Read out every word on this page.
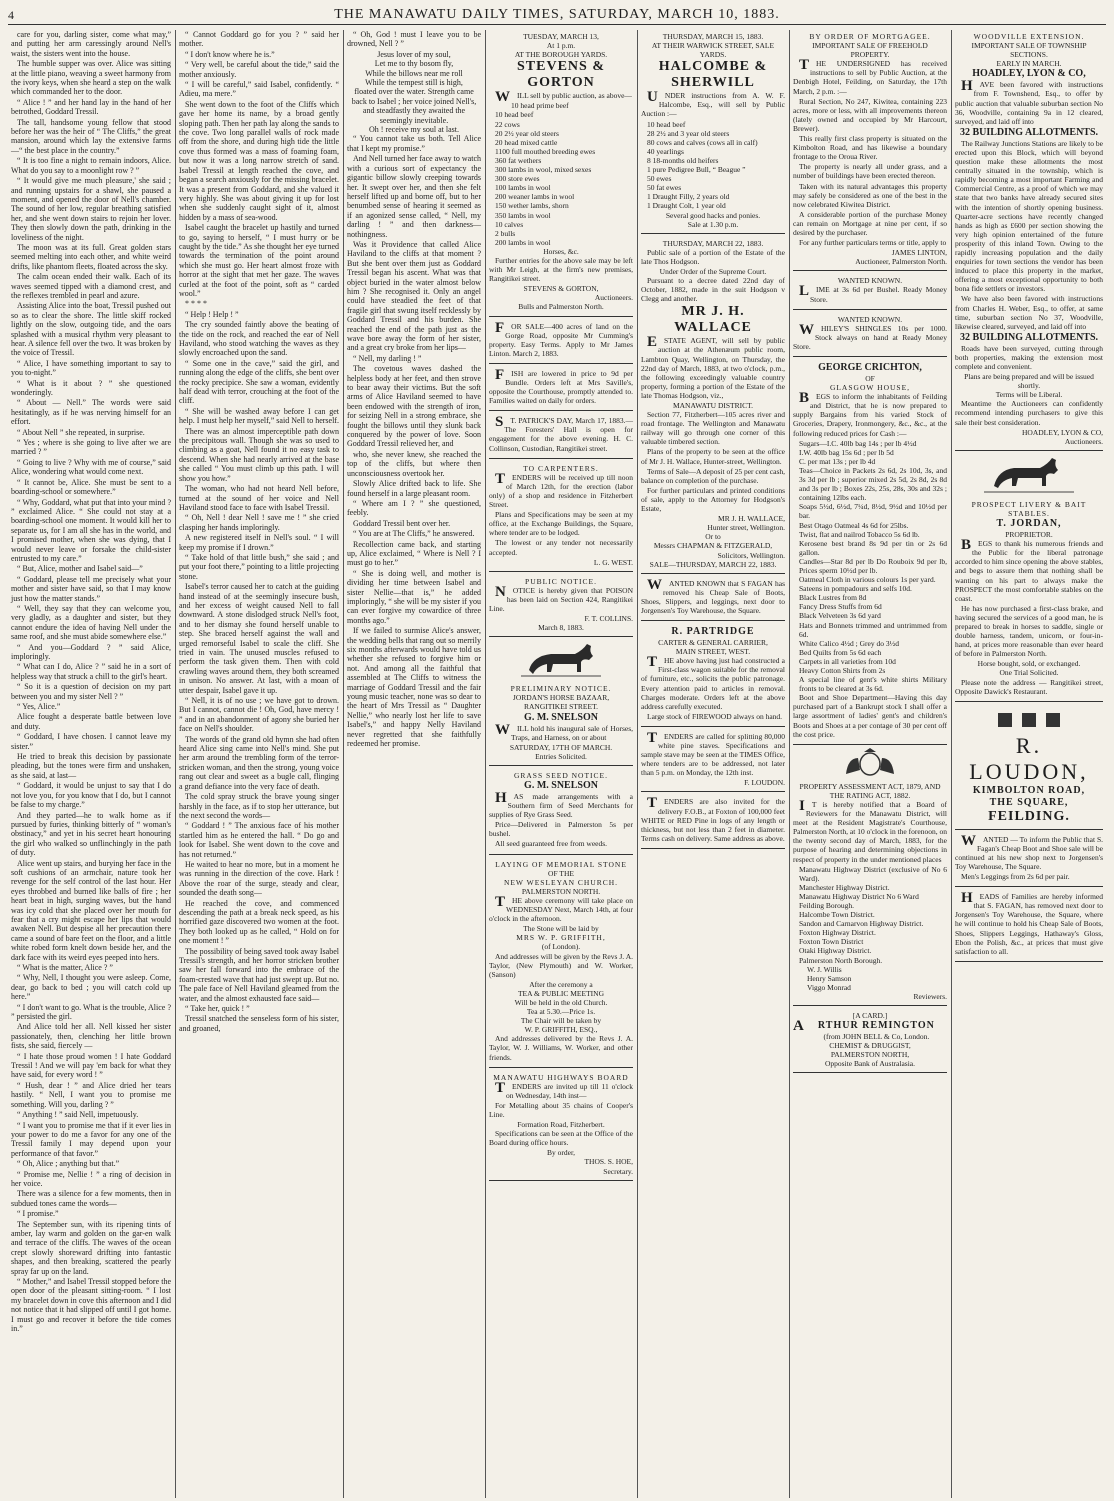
4	THE MANAWATU DAILY TIMES, SATURDAY, MARCH 10, 1883.

care for you, darling sister, come what may,” and putting her arm caressingly around Nell's waist, the sisters went into the house.

The humble supper was over. Alice was sitting at the little piano, weaving a sweet harmony from the ivory keys, when she heard a step on the walk which commanded her to the door.

“ Alice ! ” and her hand lay in the hand of her betrothed, Goddard Tressil.

The tall, handsome young fellow that stood before her was the heir of “ The Cliffs,” the great mansion, around which lay the extensive farms —“ the best place in the country.”

“ It is too fine a night to remain indoors, Alice. What do you say to a moonlight row ? ”

“ It would give me much pleasure,' she said ; and running upstairs for a shawl, she paused a moment, and opened the door of Nell's chamber. The sound of her low, regular breathing satisfied her, and she went down stairs to rejoin her lover. They then slowly down the path, drinking in the loveliness of the night.

The moon was at its full. Great golden stars seemed melting into each other, and white weird drifts, like phantom fleets, floated across the sky.

The calm ocean ended their walk. Each of its waves seemed tipped with a diamond crest, and the reflexes trembled in pearl and azure.

Assisting Alice into the boat, Tressil pushed out so as to clear the shore. The little skiff rocked lightly on the slow, outgoing tide, and the oars splashed with a musical rhythm very pleasant to hear. A silence fell over the two. It was broken by the voice of Tressil.

“ Alice, I have something important to say to you to-night.”

“ What is it about ? ” she questioned wonderingly.

“ About — Nell.” The words were said hesitatingly, as if he was nerving himself for an effort.

“ About Nell ” she repeated, in surprise.

“ Yes ; where is she going to live after we are married ? ”

“ Going to live ? Why with me of course,” said Alice, wondering what would come next.

“ It cannot be, Alice. She must be sent to a boarding-school or somewhere.”

“ Why, Goddard, what put that into your mind ? ” exclaimed Alice. “ She could not stay at a boarding-school one moment. It would kill her to separate us, for I am all she has in the world, and I promised mother, when she was dying, that I would never leave or forsake the child-sister entrusted to my care.”

“ But, Alice, mother and Isabel said—”

“ Goddard, please tell me precisely what your mother and sister have said, so that I may know just how the matter stands.”

“ Well, they say that they can welcome you, very gladly, as a daughter and sister, but they cannot endure the idea of having Nell under the same roof, and she must abide somewhere else.”

“ And you—Goddard ? ” said Alice, imploringly.

“ What can I do, Alice ? ” said he in a sort of helpless way that struck a chill to the girl's heart.

“ So it is a question of decision on my part between you and my sister Nell ? ”

“ Yes, Alice.”

Alice fought a desperate battle between love and duty.

“ Goddard, I have chosen. I cannot leave my sister.”

He tried to break this decision by passionate pleading, but the tones were firm and unshaken, as she said, at last—

“ Goddard, it would be unjust to say that I do not love you, for you know that I do, but I cannot be false to my charge.”

And they parted—he to walk home as if pursued by furies, thinking bitterly of “ woman's obstinacy,” and yet in his secret heart honouring the girl who walked so unflinchingly in the path of duty.

Alice went up stairs, and burying her face in the soft cushions of an armchair, nature took her revenge for the self control of the last hour. Her eyes throbbed and burned like balls of fire ; her heart beat in high, surging waves, but the hand was icy cold that she placed over her mouth for fear that a cry might escape her lips that would awaken Nell. But despise all her precaution there came a sound of bare feet on the floor, and a little white robed form knelt down beside her, and the dark face with its weird eyes peeped into hers.

“ What is the matter, Alice ? ”

“ Why, Nell, I thought you were asleep. Come, dear, go back to bed ; you will catch cold up here.”

“ I don't want to go. What is the trouble, Alice ? ” persisted the girl.

And Alice told her all. Nell kissed her sister passionately, then, clenching her little brown fists, she said, fiercely —

“ I hate those proud women ! I hate Goddard Tressil ! And we will pay 'em back for what they have said, for every word ! ”

“ Hush, dear ! ” and Alice dried her tears hastily. “ Nell, I want you to promise me something. Will you, darling ? ”

“ Anything ! ” said Nell, impetuously.

“ I want you to promise me that if it ever lies in your power to do me a favor for any one of the Tressil family I may depend upon your performance of that favor.”

“ Oh, Alice ; anything but that.”

“ Promise me, Nellie ! ” a ring of decision in her voice.

There was a silence for a few moments, then in subdued tones came the words—

“ I promise.”

The September sun, with its ripening tints of amber, lay warm and golden on the gar-en walk and terrace of the cliffs. The waves of the ocean crept slowly shoreward drifting into fantastic shapes, and then breaking, scattered the pearly spray far up on the land.

“ Mother,” and Isabel Tressil stopped before the open door of the pleasant sitting-room. “ I lost my bracelet down in cove this afternoon and I did not notice that it had slipped off until I got home. I must go and recover it before the tide comes in.”

“ Cannot Goddard go for you ? ” said her mother.

“ I don't know where he is.”

“ Very well, be careful about the tide,” said the mother anxiously.

“ I will be careful,” said Isabel, confidently. “ Adieu, ma mere.”

She went down to the foot of the Cliffs which gave her home its name, by a broad gently sloping path. Then her path lay along the sands to the cove. Two long parallel walls of rock made off from the shore, and during high tide the little cove thus formed was a mass of foaming foam, but now it was a long narrow stretch of sand. Isabel Tressil at length reached the cove, and began a search anxiously for the missing bracelet. It was a present from Goddard, and she valued it very highly. She was about giving it up for lost when she suddenly caught sight of it, almost hidden by a mass of sea-wood.

Isabel caught the bracelet up hastily and turned to go, saying to herself, “ I must hurry or be caught by the tide.” As she thought her eye turned towards the termination of the point around which she must go. Her heart almost froze with horror at the sight that met her gaze. The waves curled at the foot of the point, soft as “ carded wool.”

* * * *

“ Help ! Help ! ”

The cry sounded faintly above the beating of the tide on the rock, and reached the ear of Nell Haviland, who stood watching the waves as they slowly encroached upon the sand.

“ Some one in the cave,” said the girl, and running along the edge of the cliffs, she bent over the rocky precipice. She saw a woman, evidently half dead with terror, crouching at the foot of the cliff.

“ She will be washed away before I can get help. I must help her myself,” said Nell to herself.

There was an almost imperceptible path down the precipitous wall. Though she was so used to climbing as a goat, Nell found it no easy task to descend. When she had nearly arrived at the base she called “ You must climb up this path. I will show you how.”

The woman, who had not heard Nell before, turned at the sound of her voice and Nell Haviland stood face to face with Isabel Tressil.

“ Oh, Nell ! dear Nell ! save me ! ” she cried clasping her hands imploringly.

A new registered itself in Nell's soul. “ I will keep my promise if I drown.”

“ Take hold of that little bush,” she said ; and put your foot there,” pointing to a little projecting stone.

Isabel's terror caused her to catch at the guiding hand instead of at the seemingly insecure bush, and her excess of weight caused Nell to fall downward. A stone dislodged struck Nell's foot, and to her dismay she found herself unable to step. She braced herself against the wall and urged remorseful Isabel to scale the cliff. She tried in vain. The unused muscles refused to perform the task given them. Then with cold crawling waves around them, they both screamed in unison. No answer. At last, with a moan of utter despair, Isabel gave it up.

“ Nell, it is of no use ; we have got to drown. But I cannot, cannot die ! Oh, God, have mercy ! ” and in an abandonment of agony she buried her face on Nell's shoulder.

The words of the grand old hymn she had often heard Alice sing came into Nell's mind. She put her arm around the trembling form of the terror-stricken woman, and then the strong, young voice rang out clear and sweet as a bugle call, flinging a grand defiance into the very face of death.

The cold spray struck the brave young singer harshly in the face, as if to stop her utterance, but the next second the words—

“ Goddard ! ” The anxious face of his mother startled him as he entered the hall. “ Do go and look for Isabel. She went down to the cove and has not returned.”

He waited to hear no more, but in a moment he was running in the direction of the cove. Hark ! Above the roar of the surge, steady and clear, sounded the death song—

He reached the cove, and commenced descending the path at a break neck speed, as his horrified gaze discovered two women at the foot. They both looked up as he called, “ Hold on for one moment ! ”

The possibility of being saved took away Isabel Tressil's strength, and her horror stricken brother saw her fall forward into the embrace of the foam-crested wave that had just swept up. But no. The pale face of Nell Haviland gleamed from the water, and the almost exhausted face said—

“ Take her, quick ! ”

Tressil snatched the senseless form of his sister, and groaned,

“ Oh, God ! must I leave you to be drowned, Nell ? ”

Jesus lover of my soul,
Let me to thy bosom fly,
While the billows near me roll
While the tempest still is high,
floated over the water. Strength came back to Isabel ; her voice joined Nell's, and steadfastly they awaited the seemingly inevitable.
Oh ! receive my soul at last.

“ You cannot take us both. Tell Alice that I kept my promise.”

And Nell turned her face away to watch with a curious sort of expectancy the gigantic billow slowly creeping towards her. It swept over her, and then she felt herself lifted up and borne off, but to her benumbed sense of hearing it seemed as if an agonized sense called, “ Nell, my darling ! ” and then darkness—nothingness.

Was it Providence that called Alice Haviland to the cliffs at that moment ? But she bent over them just as Goddard Tressil began his ascent. What was that object buried in the water almost below him ? She recognised it. Only an angel could have steadied the feet of that fragile girl that swung itself recklessly by Goddard Tressil and his burden. She reached the end of the path just as the wave bore away the form of her sister, and a great cry broke from her lips—

“ Nell, my darling ! ”

The covetous waves dashed the helpless body at her feet, and then strove to bear away their victims. But the soft arms of Alice Haviland seemed to have been endowed with the strength of iron, for seizing Nell in a strong embrace, she fought the billows until they slunk back conquered by the power of love. Soon Goddard Tressil relieved her, and

who, she never knew, she reached the top of the cliffs, but where then unconsciousness overtook her.

Slowly Alice drifted back to life. She found herself in a large pleasant room.

“ Where am I ? ” she questioned, feebly.

Goddard Tressil bent over her.

“ You are at The Cliffs,” he answered.

Recollection came back, and starting up, Alice exclaimed, “ Where is Nell ? I must go to her.”

“ She is doing well, and mother is dividing her time between Isabel and sister Nellie—that is,” he added imploringly, “ she will be my sister if you can ever forgive my cowardice of three months ago.”

If we failed to surmise Alice's answer, the wedding bells that rang out so merrily six months afterwards would have told us whether she refused to forgive him or not. And among all the faithful that assembled at The Cliffs to witness the marriage of Goddard Tressil and the fair young music teacher, none was so dear to the heart of Mrs Tressil as “ Daughter Nellie,” who nearly lost her life to save Isabel's,” and happy Nelly Haviland never regretted that she faithfully redeemed her promise.

TUESDAY, MARCH 13,
At 1 p.m.
AT THE BOROUGH YARDS.
STEVENS & GORTON

WILL sell by public auction, as above—

10 head prime beef
10 head beef
22 cows
20 2½ year old steers
20 head mixed cattle
1100 full mouthed breeding ewes
360 fat wethers
300 lambs in wool, mixed sexes
300 store ewes
100 lambs in wool
200 weaner lambs in wool
150 wether lambs, shorn
350 lambs in wool
10 calves
2 bulls
200 lambs in wool
Horses, &c.

Further entries for the above sale may be left with Mr Leigh, at the firm's new premises, Rangitikei street.

STEVENS & GORTON,
Auctioneers.
Bulls and Palmerston North.

FOR SALE—400 acres of land on the Gorge Road, opposite Mr Cumming's property. Easy Terms. Apply to Mr James Linton. March 2, 1883.

FISH are lowered in price to 9d per Bundle. Orders left at Mrs Saville's, opposite the Courthouse, promptly attended to. Families waited on daily for orders.

ST. PATRICK'S DAY, March 17, 1883.—The Foresters' Hall is open for engagement for the above evening. H. C. Collinson, Custodian, Rangitikei street.

TO CARPENTERS.

TENDERS will be received up till noon of March 12th, for the erection (labor only) of a shop and residence in Fitzherbert Street.

Plans and Specifications may be seen at my office, at the Exchange Buildings, the Square, where tender are to be lodged.

The lowest or any tender not necessarily accepted.

L. G. WEST.
PUBLIC NOTICE.

NOTICE is hereby given that POISON has been laid on Section 424, Rangitikei Line.

F. T. COLLINS.
March 8, 1883.
PRELIMINARY NOTICE.
JORDAN'S HORSE BAZAAR,
RANGITIKEI STREET.
G. M. SNELSON

WILL hold his inaugural sale of Horses, Traps, and Harness, on or about

SATURDAY, 17TH OF MARCH.
Entries Solicited.
GRASS SEED NOTICE.
G. M. SNELSON

HAS made arrangements with a Southern firm of Seed Merchants for supplies of Rye Grass Seed.

Price—Delivered in Palmerston 5s per bushel.

All seed guaranteed free from weeds.

LAYING OF MEMORIAL STONE
OF THE
NEW WESLEYAN CHURCH.
PALMERSTON NORTH.

THE above ceremony will take place on WEDNESDAY Next, March 14th, at four o'clock in the afternoon.

The Stone will be laid by
MRS W. P. GRIFFITH,
(of London).

And addresses will be given by the Revs J. A. Taylor, (New Plymouth) and W. Worker, (Sanson)

After the ceremony a
TEA & PUBLIC MEETING
Will be held in the old Church.
Tea at 5.30.—Price 1s.
The Chair will be taken by
W. P. GRIFFITH, ESQ.,

And addresses delivered by the Revs J. A. Taylor, W. J. Williams, W. Worker, and other friends.

MANAWATU HIGHWAYS BOARD

TENDERS are invited up till 11 o'clock on Wednesday, 14th inst—

For Metalling about 35 chains of Cooper's Line.

Formation Road, Fitzherbert.

Specifications can be seen at the Office of the Board during office hours.

By order,
THOS. S. HOE,
Secretary.
THURSDAY, MARCH 15, 1883.
AT THEIR WARWICK STREET, SALE YARDS.
HALCOMBE & SHERWILL

UNDER instructions from A. W. F. Halcombe, Esq., will sell by Public Auction :—

10 head beef
28 2½ and 3 year old steers
80 cows and calves (cows all in calf)
40 yearlings
8 18-months old heifers
1 pure Pedigree Bull, “ Beague ”
50 ewes
50 fat ewes
1 Draught Filly, 2 years old
1 Draught Colt, 1 year old
Several good hacks and ponies.
Sale at 1.30 p.m.
THURSDAY, MARCH 22, 1883.

Public sale of a portion of the Estate of the late Thos Hodgson.

Under Order of the Supreme Court.

Pursuant to a decree dated 22nd day of October, 1882, made in the suit Hodgson v Clegg and another.

MR J. H. WALLACE

ESTATE AGENT, will sell by public auction at the Athenæum public room, Lambton Quay, Wellington, on Thursday, the 22nd day of March, 1883, at two o'clock, p.m., the following exceedingly valuable country property, forming a portion of the Estate of the late Thomas Hodgson, viz.,

MANAWATU DISTRICT.

Section 77, Fitzherbert—105 acres river and road frontage. The Wellington and Manawatu railway will go through one corner of this valuable timbered section.

Plans of the property to be seen at the office of Mr J. H. Wallace, Hunter-street, Wellington.

Terms of Sale—A deposit of 25 per cent cash, balance on completion of the purchase.

For further particulars and printed conditions of sale, apply to the Attorney for Hodgson's Estate,

MR J. H. WALLACE,
Hunter street, Wellington.
Or to
Messrs CHAPMAN & FITZGERALD,
Solicitors, Wellington.
SALE—THURSDAY, MARCH 22, 1883.

WANTED KNOWN that S FAGAN has removed his Cheap Sale of Boots, Shoes, Slippers, and leggings, next door to Jorgensen's Toy Warehouse, the Square.

R. PARTRIDGE
CARTER & GENERAL CARRIER,
MAIN STREET, WEST.

THE above having just had constructed a First-class wagon suitable for the removal of furniture, etc., solicits the public patronage. Every attention paid to articles in removal. Charges moderate. Orders left at the above address carefully executed.

Large stock of FIREWOOD always on hand.

TENDERS are called for splitting 80,000 white pine staves. Specifications and sample stave may be seen at the TIMES Office, where tenders are to be addressed, not later than 5 p.m. on Monday, the 12th inst.

F. LOUDON.

TENDERS are also invited for the delivery F.O.B., at Foxton of 100,000 feet WHITE or RED Pine in logs of any length or thickness, but not less than 2 feet in diameter. Terms cash on delivery. Same address as above.

BY ORDER OF MORTGAGEE.
IMPORTANT SALE OF FREEHOLD PROPERTY.

THE UNDERSIGNED has received instructions to sell by Public Auction, at the Denbigh Hotel, Feilding, on Saturday, the 17th March, 2 p.m. :—

Rural Section, No 247, Kiwitea, containing 223 acres, more or less, with all improvements thereon (lately owned and occupied by Mr Harcourt, Brewer).

This really first class property is situated on the Kimbolton Road, and has likewise a boundary frontage to the Oroua River.

The property is nearly all under grass, and a number of buildings have been erected thereon.

Taken with its natural advantages this property may safely be considered as one of the best in the now celebrated Kiwitea District.

A considerable portion of the purchase Money can remain on Mortgage at nine per cent, if so desired by the purchaser.

For any further particulars terms or title, apply to

JAMES LINTON,
Auctioneer, Palmerston North.
WANTED KNOWN.

LIME at 3s 6d per Bushel. Ready Money Store.

WANTED KNOWN.

WHILEY'S SHINGLES 10s per 1000. Stock always on hand at Ready Money Store.

GEORGE CRICHTON,
OF
GLASGOW HOUSE,

BEGS to inform the inhabitants of Feilding and District, that he is now prepared to supply Bargains from his varied Stock of Groceries, Drapery, Ironmongery, &c., &c., at the following reduced prices for Cash :—

Sugars—I.C. 40lb bag 14s ; per lb 4½d
I.W. 40lb bag 15s 6d ; per lb 5d
C. per mat 13s ; per lb 4d
Teas—Choice in Packets 2s 6d, 2s 10d, 3s, and 3s 3d per lb ; superior mixed 2s 5d, 2s 8d, 2s 8d and 3s per lb ; Boxes 22s, 25s, 28s, 30s and 32s ; containing 12lbs each.
Soaps 5½d, 6½d, 7¼d, 8½d, 9½d and 10½d per bar.
Best Otago Oatmeal 4s 6d for 25lbs.
Twist, flat and nailrod Tobacco 5s 6d lb.
Kerosene best brand 8s 9d per tin or 2s 6d gallon.
Candles—Star 8d per lb Do Rouboix 9d per lb, Prices sperm 10½d per lb.
Oatmeal Cloth in various colours 1s per yard.
Sateens in pompadours and selfs 10d.
Black Lustres from 8d
Fancy Dress Stuffs from 6d
Black Velveteen 3s 6d yard
Hats and Bonnets trimmed and untrimmed from 6d.
White Calico 4½d ; Grey do 3½d
Bed Quilts from 5s 6d each
Carpets in all varieties from 10d
Heavy Cotton Shirts from 2s
A special line of gent's white shirts Military fronts to be cleared at 3s 6d.

Boot and Shoe Department—Having this day purchased part of a Bankrupt stock I shall offer a large assortment of ladies' gent's and children's Boots and Shoes at a per contage of 30 per cent off the cost price.

PROPERTY ASSESSMENT ACT, 1879, AND THE RATING ACT, 1882.

IT is hereby notified that a Board of Reviewers for the Manawatu District, will meet at the Resident Magistrate's Courthouse, Palmerston North, at 10 o'clock in the forenoon, on the twenty second day of March, 1883, for the purpose of hearing and determining objections in respect of property in the under mentioned places

Manawatu Highway District (exclusive of No 6 Ward).
Manchester Highway District.
Manawatu Highway District No 6 Ward
Feilding Borough.
Halcombe Town District.
Sandon and Carnarvon Highway District.
Foxton Highway District.
Foxton Town District
Otaki Highway District.
Palmerston North Borough.
W. J. Willis
Henry Samson
Viggo Monrad
Reviewers.
[A CARD.]
ARTHUR REMINGTON
(from JOHN BELL & Co, London.
CHEMIST & DRUGGIST,
PALMERSTON NORTH,
Opposite Bank of Australasia.
WOODVILLE EXTENSION.
IMPORTANT SALE OF TOWNSHIP SECTIONS.
EARLY IN MARCH.
HOADLEY, LYON & CO,

HAVE been favored with instructions from F. Townshend, Esq., to offer by public auction that valuable suburban section No 36, Woodville, containing 9a in 12 cleared, surveyed, and laid off into

32 BUILDING ALLOTMENTS.

The Railway Junctions Stations are likely to be erected upon this Block, which will beyond question make these allotments the most centrally situated in the township, which is rapidly becoming a most important Farming and Commercial Centre, as a proof of which we may state that two banks have already secured sites with the intention of shortly opening business. Quarter-acre sections have recently changed hands as high as £600 per section showing the very high opinion entertained of the future prosperity of this inland Town. Owing to the rapidly increasing population and the daily enquiries for town sections the vendor has been induced to place this property in the market, offering a most exceptional opportunity to both bona fide settlers or investors.

We have also been favored with instructions from Charles H. Weber, Esq., to offer, at same time, suburban section No 37, Woodville, likewise cleared, surveyed, and laid off into

32 BUILDING ALLOTMENTS.

Roads have been surveyed, cutting through both properties, making the extension most complete and convenient.

Plans are being prepared and will be issued shortly.
Terms will be Liberal.

Meantime the Auctioneers can confidently recommend intending purchasers to give this sale their best consideration.

HOADLEY, LYON & CO,
Auctioneers.
PROSPECT LIVERY & BAIT STABLES.
T. JORDAN,
PROPRIETOR.

BEGS to thank his numerous friends and the Public for the liberal patronage accorded to him since opening the above stables, and begs to assure them that nothing shall be wanting on his part to always make the PROSPECT the most comfortable stables on the coast.

He has now purchased a first-class brake, and having secured the services of a good man, he is prepared to break in horses to saddle, single or double harness, tandem, unicorn, or four-in-hand, at prices more reasonable than ever heard of before in Palmerston North.

Horse bought, sold, or exchanged.
One Trial Solicited.

Please note the address — Rangitikei street, Opposite Dawick's Restaurant.

R. LOUDON,
KIMBOLTON ROAD,
THE SQUARE,
FEILDING.

WANTED — To inform the Public that S. Fagan's Cheap Boot and Shoe sale will be continued at his new shop next to Jorgensen's Toy Warehouse, The Square.

Men's Leggings from 2s 6d per pair.

HEADS of Families are hereby informed that S. FAGAN, has removed next door to Jorgensen's Toy Warehouse, the Square, where he will continue to hold his Cheap Sale of Boots, Shoes, Slippers Leggings, Hathaway's Gloss, Ebon the Polish, &c., at prices that must give satisfaction to all.
